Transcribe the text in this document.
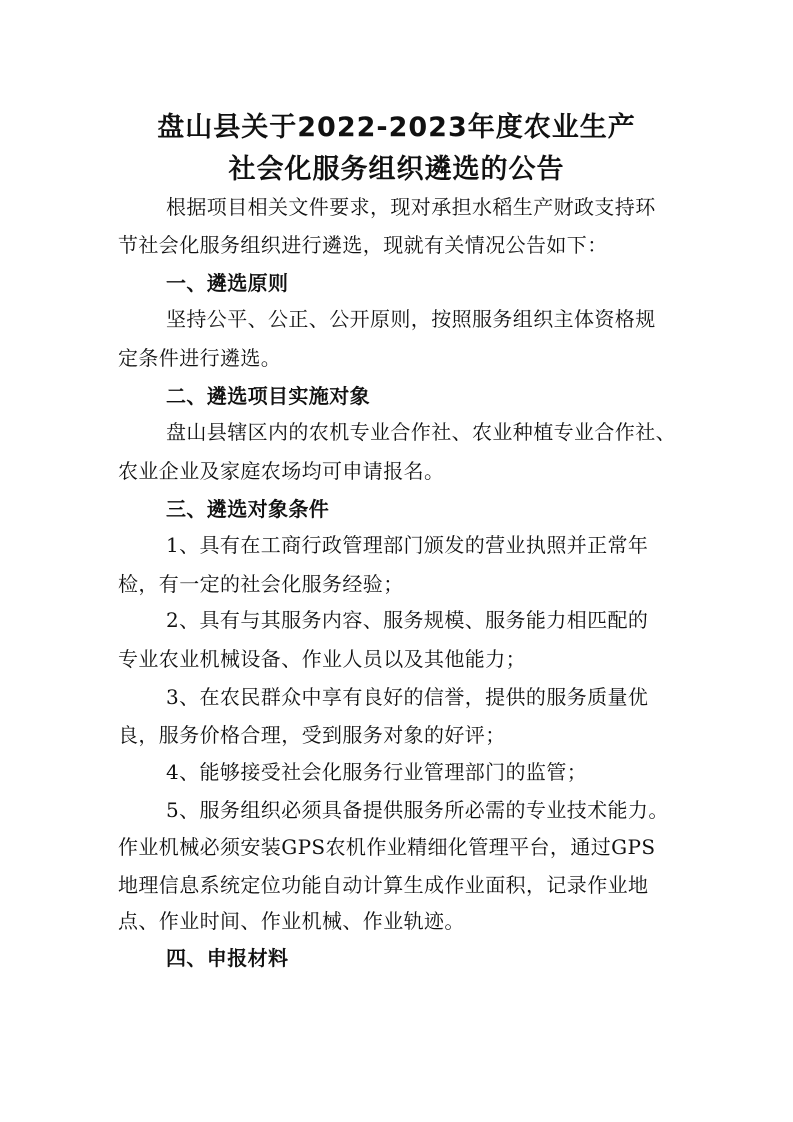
盘山县关于2022-2023年度农业生产
社会化服务组织遴选的公告
根据项目相关文件要求，现对承担水稻生产财政支持环
节社会化服务组织进行遴选，现就有关情况公告如下：
一、遴选原则
坚持公平、公正、公开原则，按照服务组织主体资格规
定条件进行遴选。
二、遴选项目实施对象
盘山县辖区内的农机专业合作社、农业种植专业合作社、
农业企业及家庭农场均可申请报名。
三、遴选对象条件
1、具有在工商行政管理部门颁发的营业执照并正常年
检，有一定的社会化服务经验；
2、具有与其服务内容、服务规模、服务能力相匹配的
专业农业机械设备、作业人员以及其他能力；
3、在农民群众中享有良好的信誉，提供的服务质量优
良，服务价格合理，受到服务对象的好评；
4、能够接受社会化服务行业管理部门的监管；
5、服务组织必须具备提供服务所必需的专业技术能力。
作业机械必须安装GPS农机作业精细化管理平台，通过GPS
地理信息系统定位功能自动计算生成作业面积，记录作业地
点、作业时间、作业机械、作业轨迹。
四、申报材料
